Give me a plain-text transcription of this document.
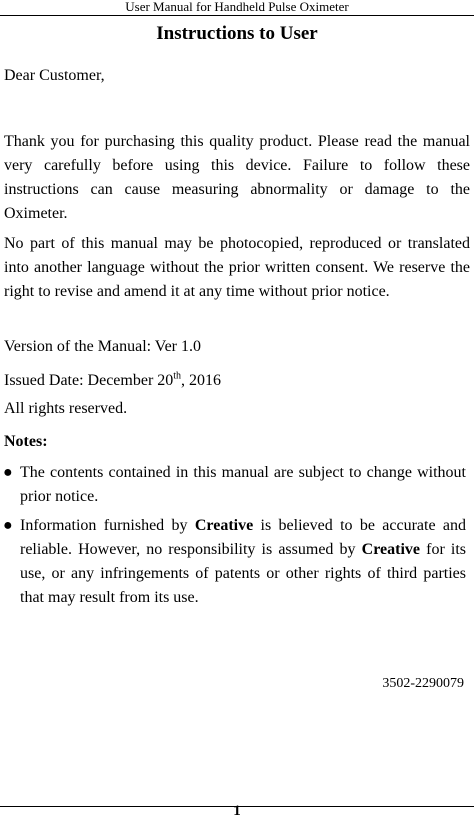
User Manual for Handheld Pulse Oximeter
Instructions to User

Dear Customer,

Thank you for purchasing this quality product. Please read the manual very carefully before using this device. Failure to follow these instructions can cause measuring abnormality or damage to the Oximeter.

No part of this manual may be photocopied, reproduced or translated into another language without the prior written consent. We reserve the right to revise and amend it at any time without prior notice.

Version of the Manual: Ver 1.0

Issued Date: December 20th, 2016

All rights reserved.

Notes:

● The contents contained in this manual are subject to change without prior notice.

● Information furnished by Creative is believed to be accurate and reliable. However, no responsibility is assumed by Creative for its use, or any infringements of patents or other rights of third parties that may result from its use.

3502-2290079
1
